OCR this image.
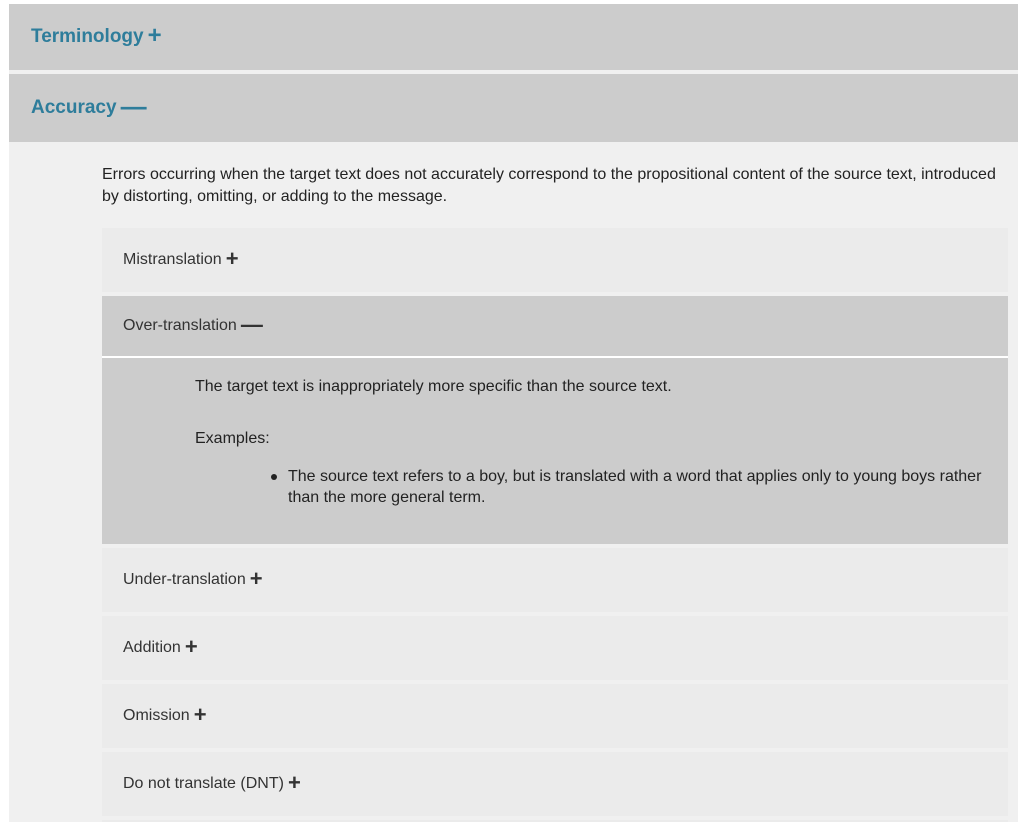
Terminology +
Accuracy —

Errors occurring when the target text does not accurately correspond to the propositional content of the source text, introduced by distorting, omitting, or adding to the message.

Mistranslation +
Over-translation —

The target text is inappropriately more specific than the source text.

Examples:

The source text refers to a boy, but is translated with a word that applies only to young boys rather than the more general term.
Under-translation +
Addition +
Omission +
Do not translate (DNT) +
